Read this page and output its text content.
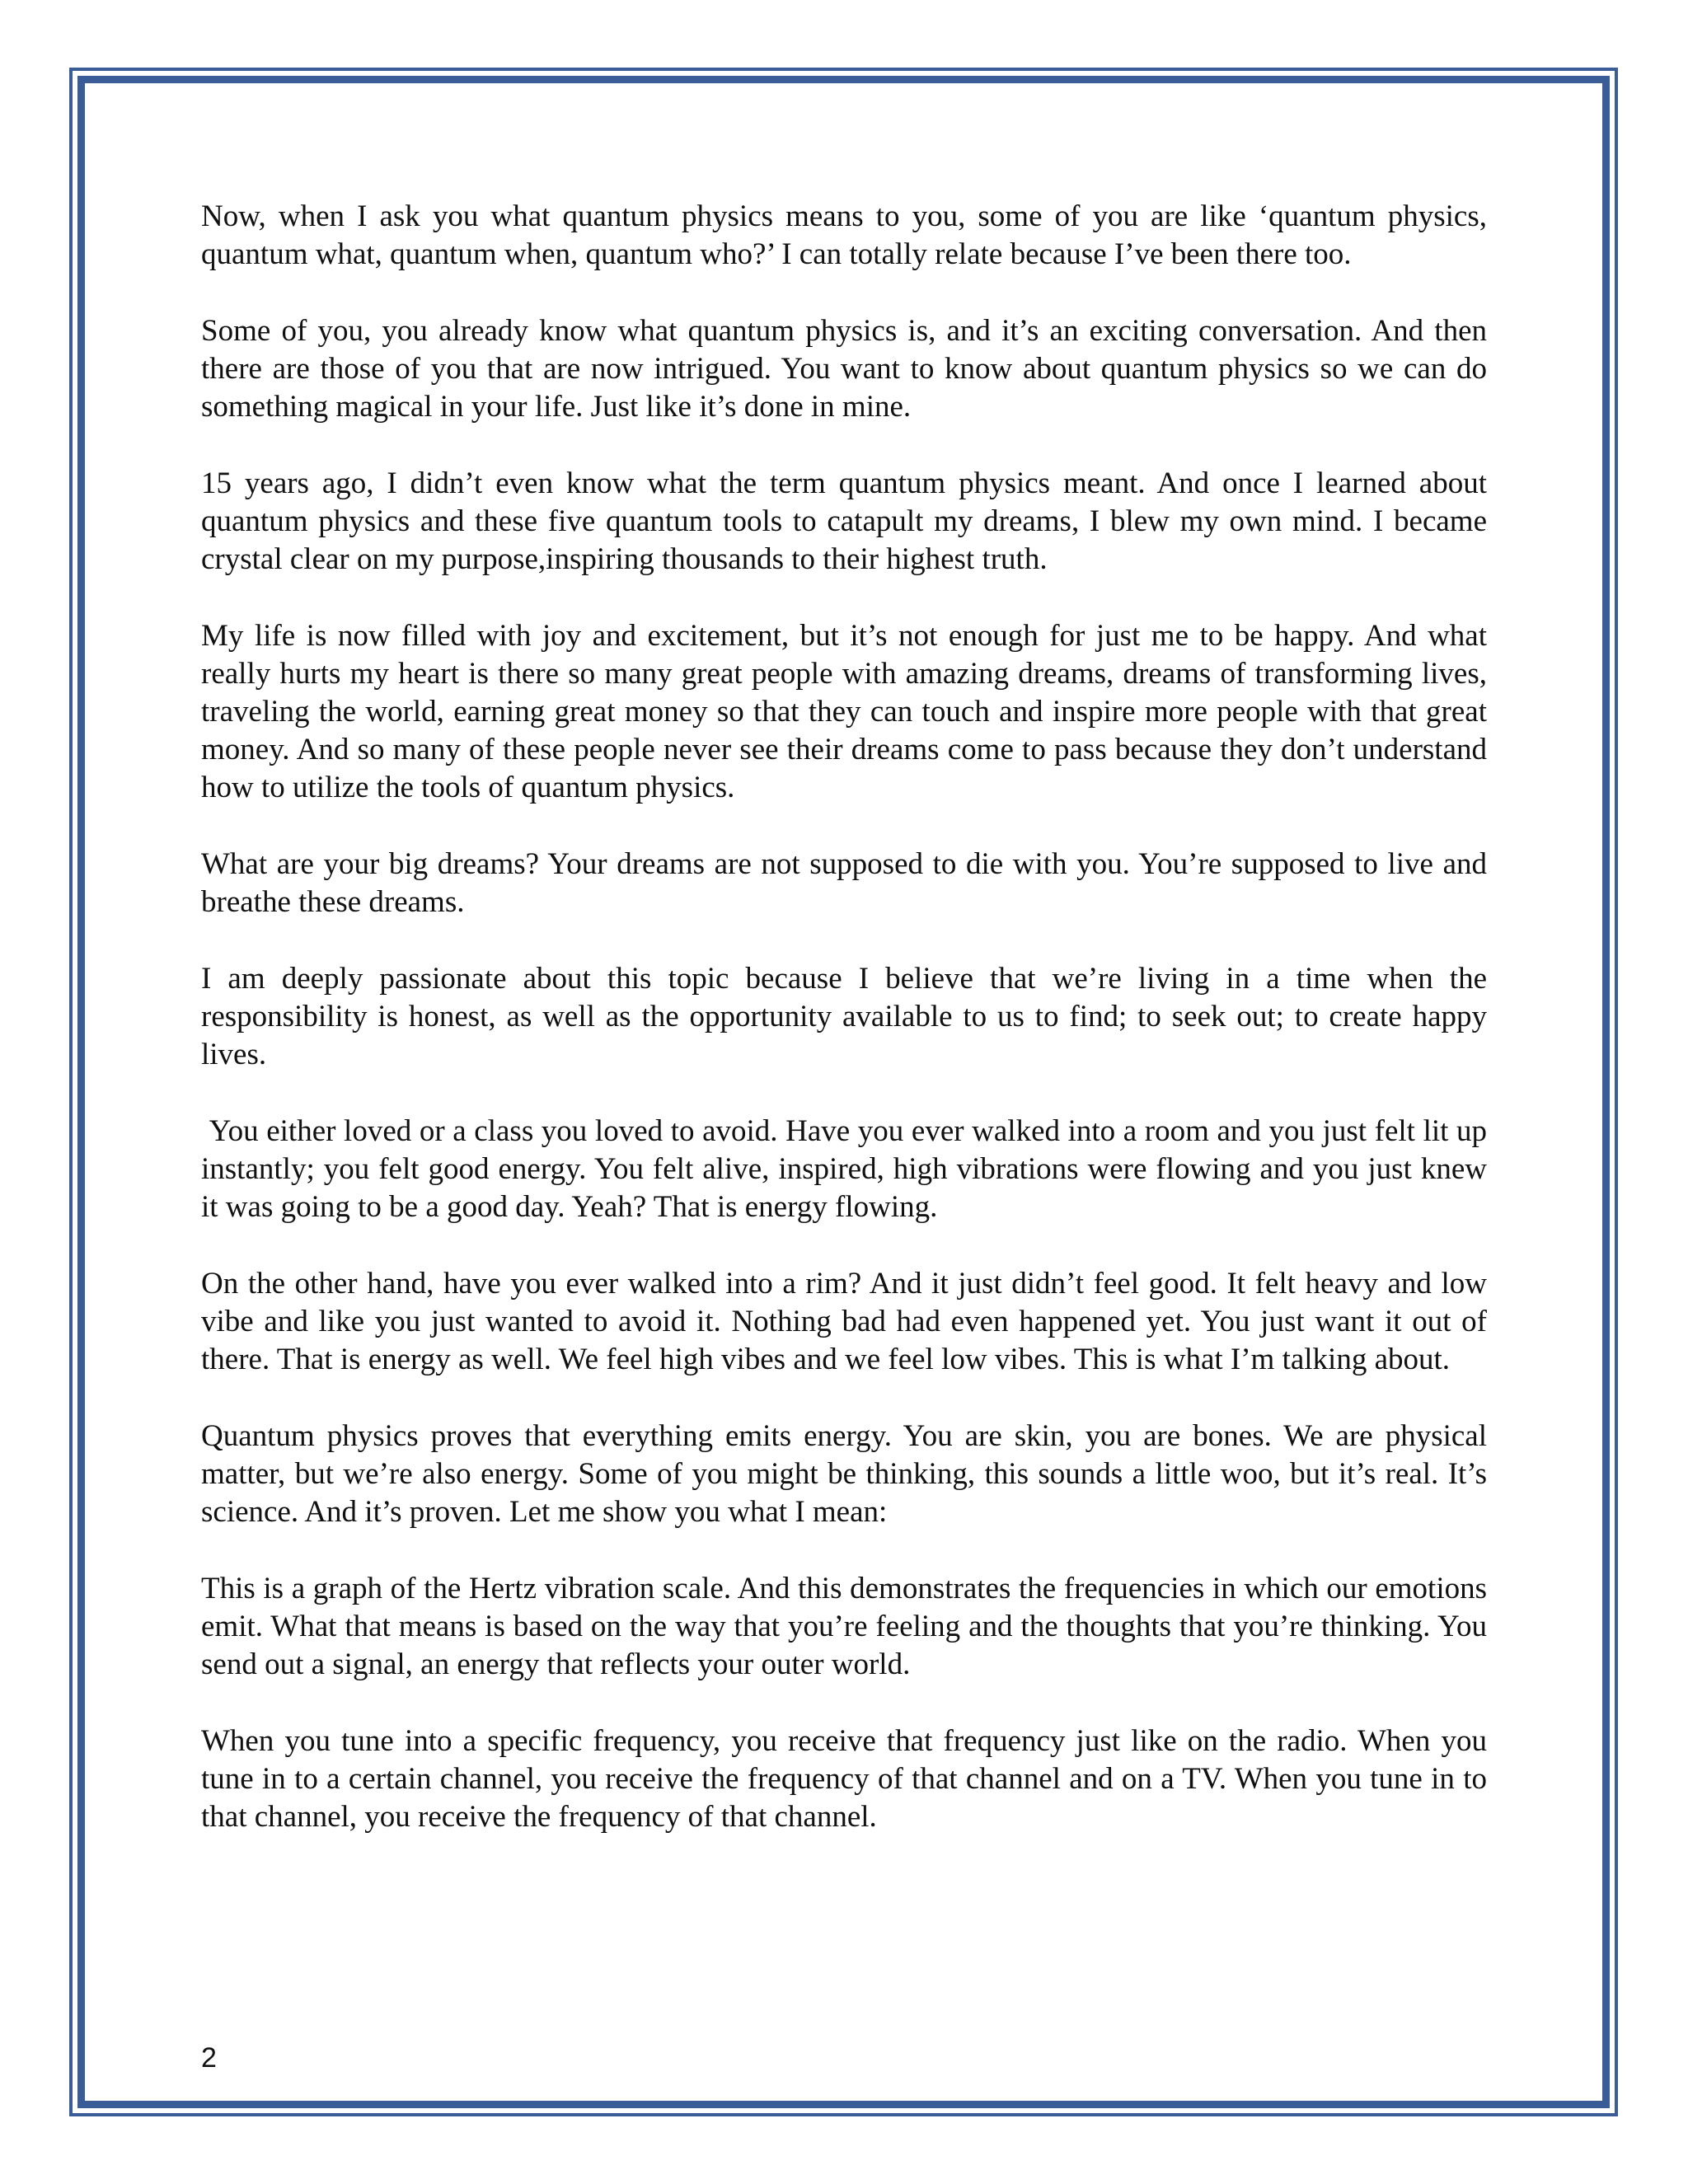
Now, when I ask you what quantum physics means to you, some of you are like ‘quantum physics, quantum what, quantum when, quantum who?’ I can totally relate because I’ve been there too.

Some of you, you already know what quantum physics is, and it’s an exciting conversation. And then there are those of you that are now intrigued. You want to know about quantum physics so we can do something magical in your life. Just like it’s done in mine.

15 years ago, I didn’t even know what the term quantum physics meant. And once I learned about quantum physics and these five quantum tools to catapult my dreams, I blew my own mind. I became crystal clear on my purpose,inspiring thousands to their highest truth.

My life is now filled with joy and excitement, but it’s not enough for just me to be happy. And what really hurts my heart is there so many great people with amazing dreams, dreams of transforming lives, traveling the world, earning great money so that they can touch and inspire more people with that great money. And so many of these people never see their dreams come to pass because they don’t understand how to utilize the tools of quantum physics.

What are your big dreams? Your dreams are not supposed to die with you. You’re supposed to live and breathe these dreams.

I am deeply passionate about this topic because I believe that we’re living in a time when the responsibility is honest, as well as the opportunity available to us to find; to seek out; to create happy lives.

You either loved or a class you loved to avoid. Have you ever walked into a room and you just felt lit up instantly; you felt good energy. You felt alive, inspired, high vibrations were flowing and you just knew it was going to be a good day. Yeah? That is energy flowing.

On the other hand, have you ever walked into a rim? And it just didn’t feel good. It felt heavy and low vibe and like you just wanted to avoid it. Nothing bad had even happened yet. You just want it out of there. That is energy as well. We feel high vibes and we feel low vibes. This is what I’m talking about.

Quantum physics proves that everything emits energy. You are skin, you are bones. We are physical matter, but we’re also energy. Some of you might be thinking, this sounds a little woo, but it’s real. It’s science. And it’s proven. Let me show you what I mean:

This is a graph of the Hertz vibration scale. And this demonstrates the frequencies in which our emotions emit. What that means is based on the way that you’re feeling and the thoughts that you’re thinking. You send out a signal, an energy that reflects your outer world.

When you tune into a specific frequency, you receive that frequency just like on the radio. When you tune in to a certain channel, you receive the frequency of that channel and on a TV. When you tune in to that channel, you receive the frequency of that channel.

2
